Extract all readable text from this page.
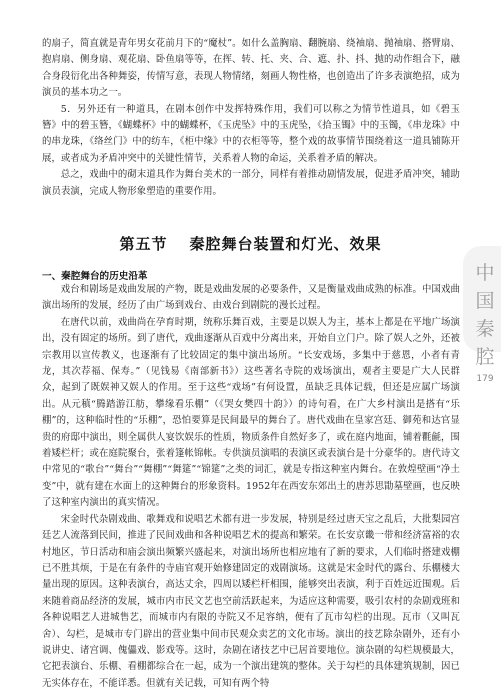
的扇子，简直就是青年男女花前月下的“魔杖”。如什么盖胸扇、翻腕扇、绕袖扇、抛袖扇、搭臂扇、抱肩扇、侧身扇、观花扇、卧鱼扇等等，在挥、转、托、夹、合、遮、扑、抖、抛的动作组合下，融合身段衍化出各种舞姿，传情写意，表现人物情绪，刻画人物性格，也创造出了许多表演绝招，成为演员的基本功之一。

5．另外还有一种道具，在剧本创作中发挥特殊作用，我们可以称之为情节性道具，如《碧玉簪》中的碧玉簪，《蝴蝶杯》中的蝴蝶杯，《玉虎坠》中的玉虎坠，《拾玉镯》中的玉镯，《串龙珠》中的串龙珠，《络丝门》中的纺车，《柜中缘》中的衣柜等等，整个戏的故事情节围绕着这一道具铺陈开展，或者成为矛盾冲突中的关键性情节，关系着人物的命运，关系着矛盾的解决。

总之，戏曲中的砌末道具作为舞台美术的一部分，同样有着推动剧情发展，促进矛盾冲突，辅助演员表演，完成人物形象塑造的重要作用。

第五节 秦腔舞台装置和灯光、效果
一、秦腔舞台的历史沿革

戏台和剧场是戏曲发展的产物，既是戏曲发展的必要条件，又是衡量戏曲成熟的标准。中国戏曲演出场所的发展，经历了由广场到戏台、由戏台到剧院的漫长过程。

在唐代以前，戏曲尚在孕育时期，统称乐舞百戏，主要是以娱人为主，基本上都是在平地广场演出，没有固定的场所。到了唐代，戏曲逐渐从百戏中分离出来，开始自立门户。除了娱人之外，还被宗教用以宣传教义，也逐渐有了比较固定的集中演出场所。“长安戏场，多集中于慈恩，小者有青龙，其次荐福、保寿。”（见钱易《南部新书》）这些著名寺院的戏场演出，观者主要是广大人民群众，起到了既娱神又娱人的作用。至于这些“戏场”有何设置，虽缺乏具体记载，但还是应属广场演出。从元稹“腾踏游江舫，攀缘看乐棚”（《哭女樊四十韵》）的诗句看，在广大乡村演出是搭有“乐棚”的，这种临时性的“乐棚”，恐怕要算是民间最早的舞台了。唐代戏曲在皇家宫廷、御苑和达官显贵的府邸中演出，则全属供人宴饮娱乐的性质，物质条件自然好多了，或在庭内地面，铺着氍毹，围着矮栏杆；或在庭院聚台，张着篷帐锦帐。专供演员演唱的表演区或表演台是十分豪华的。唐代诗文中常见的“歌台”“舞台”“舞棚”“舞筵”“锦筵”之类的词汇，就是专指这种室内舞台。在敦煌壁画“净土变”中，就有建在水面上的这种舞台的形象资料。1952年在西安东郊出土的唐苏思勖墓壁画，也反映了这种室内演出的真实情况。

宋金时代杂剧戏曲、歌舞戏和说唱艺术都有进一步发展，特别是经过唐天宝之乱后，大批梨园宫廷艺人流落到民间，推进了民间戏曲和各种说唱艺术的提高和繁荣。在长安京畿一带和经济富裕的农村地区，节日活动和庙会演出频繁兴盛起来，对演出场所也相应地有了新的要求，人们临时搭建戏棚已不胜其烦，于是在有条件的寺庙官观开始修建固定的戏剧演场。这就是宋金时代的露台、乐棚楼大量出现的原因。这种表演台，高达丈余，四周以矮栏杆相围，能够突出表演，利于百姓远近围观。后来随着商品经济的发展，城市内市民文艺也空前活跃起来，为适应这种需要，吸引农村的杂剧戏班和各种说唱艺人进城售艺，而城市内有限的寺院又不足容纳，便有了瓦市勾栏的出现。瓦市（又叫瓦舍）、勾栏，是城市专门辟出的营业集中间市民观众卖艺的文化市场。演出的技艺除杂剧外，还有小说讲史、诸宫调、傀儡戏、影戏等。这时，杂剧在诸技艺中已居首要地位。演杂剧的勾栏规模最大，它把表演台、乐棚、看棚都综合在一起，成为一个演出建筑的整体。关于勾栏的具体建筑规制，因已无实体存在，不能详悉。但就有关记载，可知有两个特

中
国
秦
腔
179
